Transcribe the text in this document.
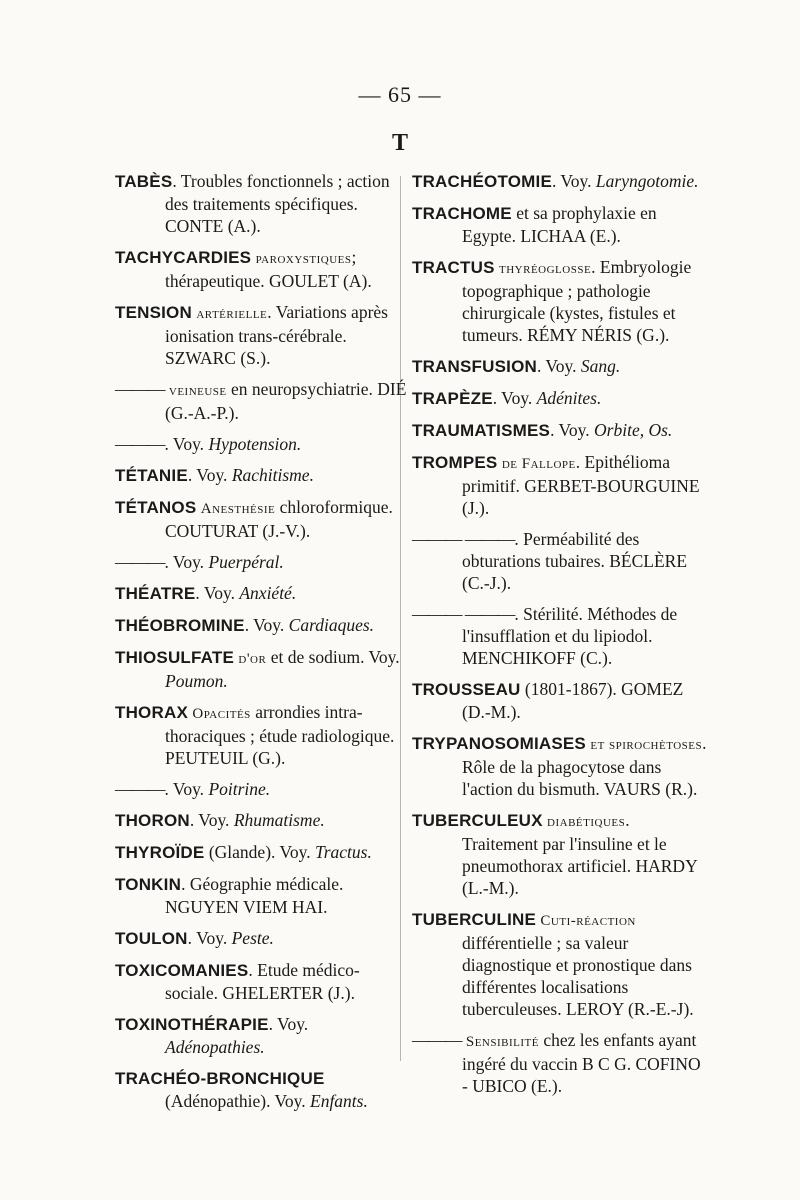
— 65 —
T
TABÈS. Troubles fonctionnels ; action des traitements spécifiques. CONTE (A.).
TACHYCARDIES paroxystiques; thérapeutique. GOULET (A).
TENSION artérielle. Variations après ionisation trans-cérébrale. SZWARC (S.).
——— veineuse en neuropsychiatrie. DIÉ (G.-A.-P.).
———. Voy. Hypotension.
TÉTANIE. Voy. Rachitisme.
TÉTANOS Anesthésie chloroformique. COUTURAT (J.-V.).
———. Voy. Puerpéral.
THÉATRE. Voy. Anxiété.
THÉOBROMINE. Voy. Cardiaques.
THIOSULFATE d'or et de sodium. Voy. Poumon.
THORAX Opacités arrondies intra-thoraciques ; étude radiologique. PEUTEUIL (G.).
———. Voy. Poitrine.
THORON. Voy. Rhumatisme.
THYROÏDE (Glande). Voy. Tractus.
TONKIN. Géographie médicale. NGUYEN VIEM HAI.
TOULON. Voy. Peste.
TOXICOMANIES. Etude médico-sociale. GHELERTER (J.).
TOXINOTHÉRAPIE. Voy. Adénopathies.
TRACHÉO-BRONCHIQUE (Adénopathie). Voy. Enfants.
TRACHÉOTOMIE. Voy. Laryngotomie.
TRACHOME et sa prophylaxie en Egypte. LICHAA (E.).
TRACTUS thyréoglosse. Embryologie topographique ; pathologie chirurgicale (kystes, fistules et tumeurs. RÉMY NÉRIS (G.).
TRANSFUSION. Voy. Sang.
TRAPÈZE. Voy. Adénites.
TRAUMATISMES. Voy. Orbite, Os.
TROMPES de Fallope. Epithélioma primitif. GERBET-BOURGUINE (J.).
——— ———. Perméabilité des obturations tubaires. BÉCLÈRE (C.-J.).
——— ———. Stérilité. Méthodes de l'insufflation et du lipiodol. MENCHIKOFF (C.).
TROUSSEAU (1801-1867). GOMEZ (D.-M.).
TRYPANOSOMIASES et spirochètoses. Rôle de la phagocytose dans l'action du bismuth. VAURS (R.).
TUBERCULEUX diabétiques. Traitement par l'insuline et le pneumothorax artificiel. HARDY (L.-M.).
TUBERCULINE Cuti-réaction différentielle ; sa valeur diagnostique et pronostique dans différentes localisations tuberculeuses. LEROY (R.-E.-J).
——— Sensibilité chez les enfants ayant ingéré du vaccin B C G. COFINO - UBICO (E.).
